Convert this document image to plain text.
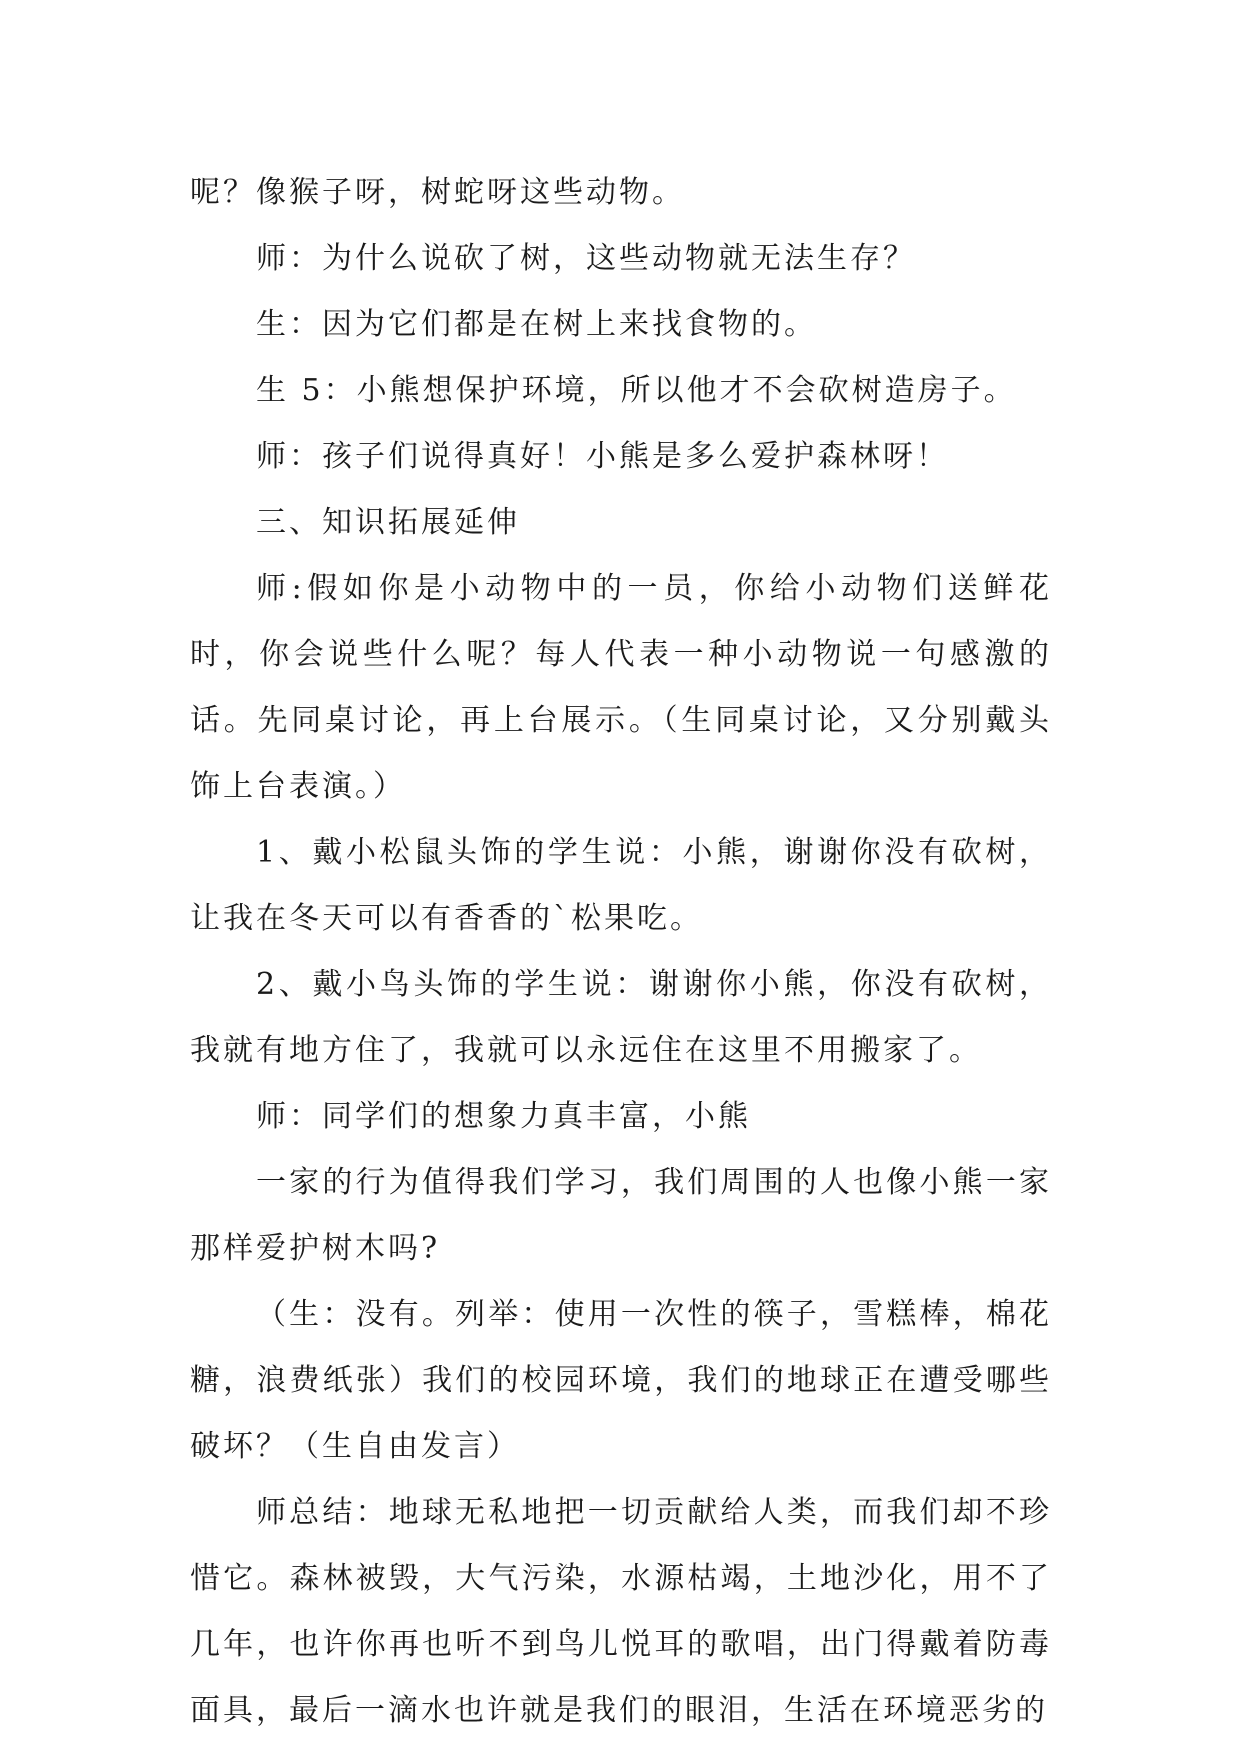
呢？像猴子呀，树蛇呀这些动物。

师：为什么说砍了树，这些动物就无法生存？

生：因为它们都是在树上来找食物的。

生 5：小熊想保护环境，所以他才不会砍树造房子。

师：孩子们说得真好！小熊是多么爱护森林呀！

三、知识拓展延伸

师:假如你是小动物中的一员，你给小动物们送鲜花时，你会说些什么呢？每人代表一种小动物说一句感激的话。先同桌讨论，再上台展示。（生同桌讨论，又分别戴头饰上台表演。）

1、戴小松鼠头饰的学生说：小熊，谢谢你没有砍树，让我在冬天可以有香香的`松果吃。

2、戴小鸟头饰的学生说：谢谢你小熊，你没有砍树，我就有地方住了，我就可以永远住在这里不用搬家了。

师：同学们的想象力真丰富，小熊

一家的行为值得我们学习，我们周围的人也像小熊一家那样爱护树木吗?

（生：没有。列举：使用一次性的筷子，雪糕棒，棉花糖，浪费纸张）我们的校园环境，我们的地球正在遭受哪些破坏？（生自由发言）

师总结：地球无私地把一切贡献给人类，而我们却不珍惜它。森林被毁，大气污染，水源枯竭，土地沙化，用不了几年，也许你再也听不到鸟儿悦耳的歌唱，出门得戴着防毒面具，最后一滴水也许就是我们的眼泪，生活在环境恶劣的
